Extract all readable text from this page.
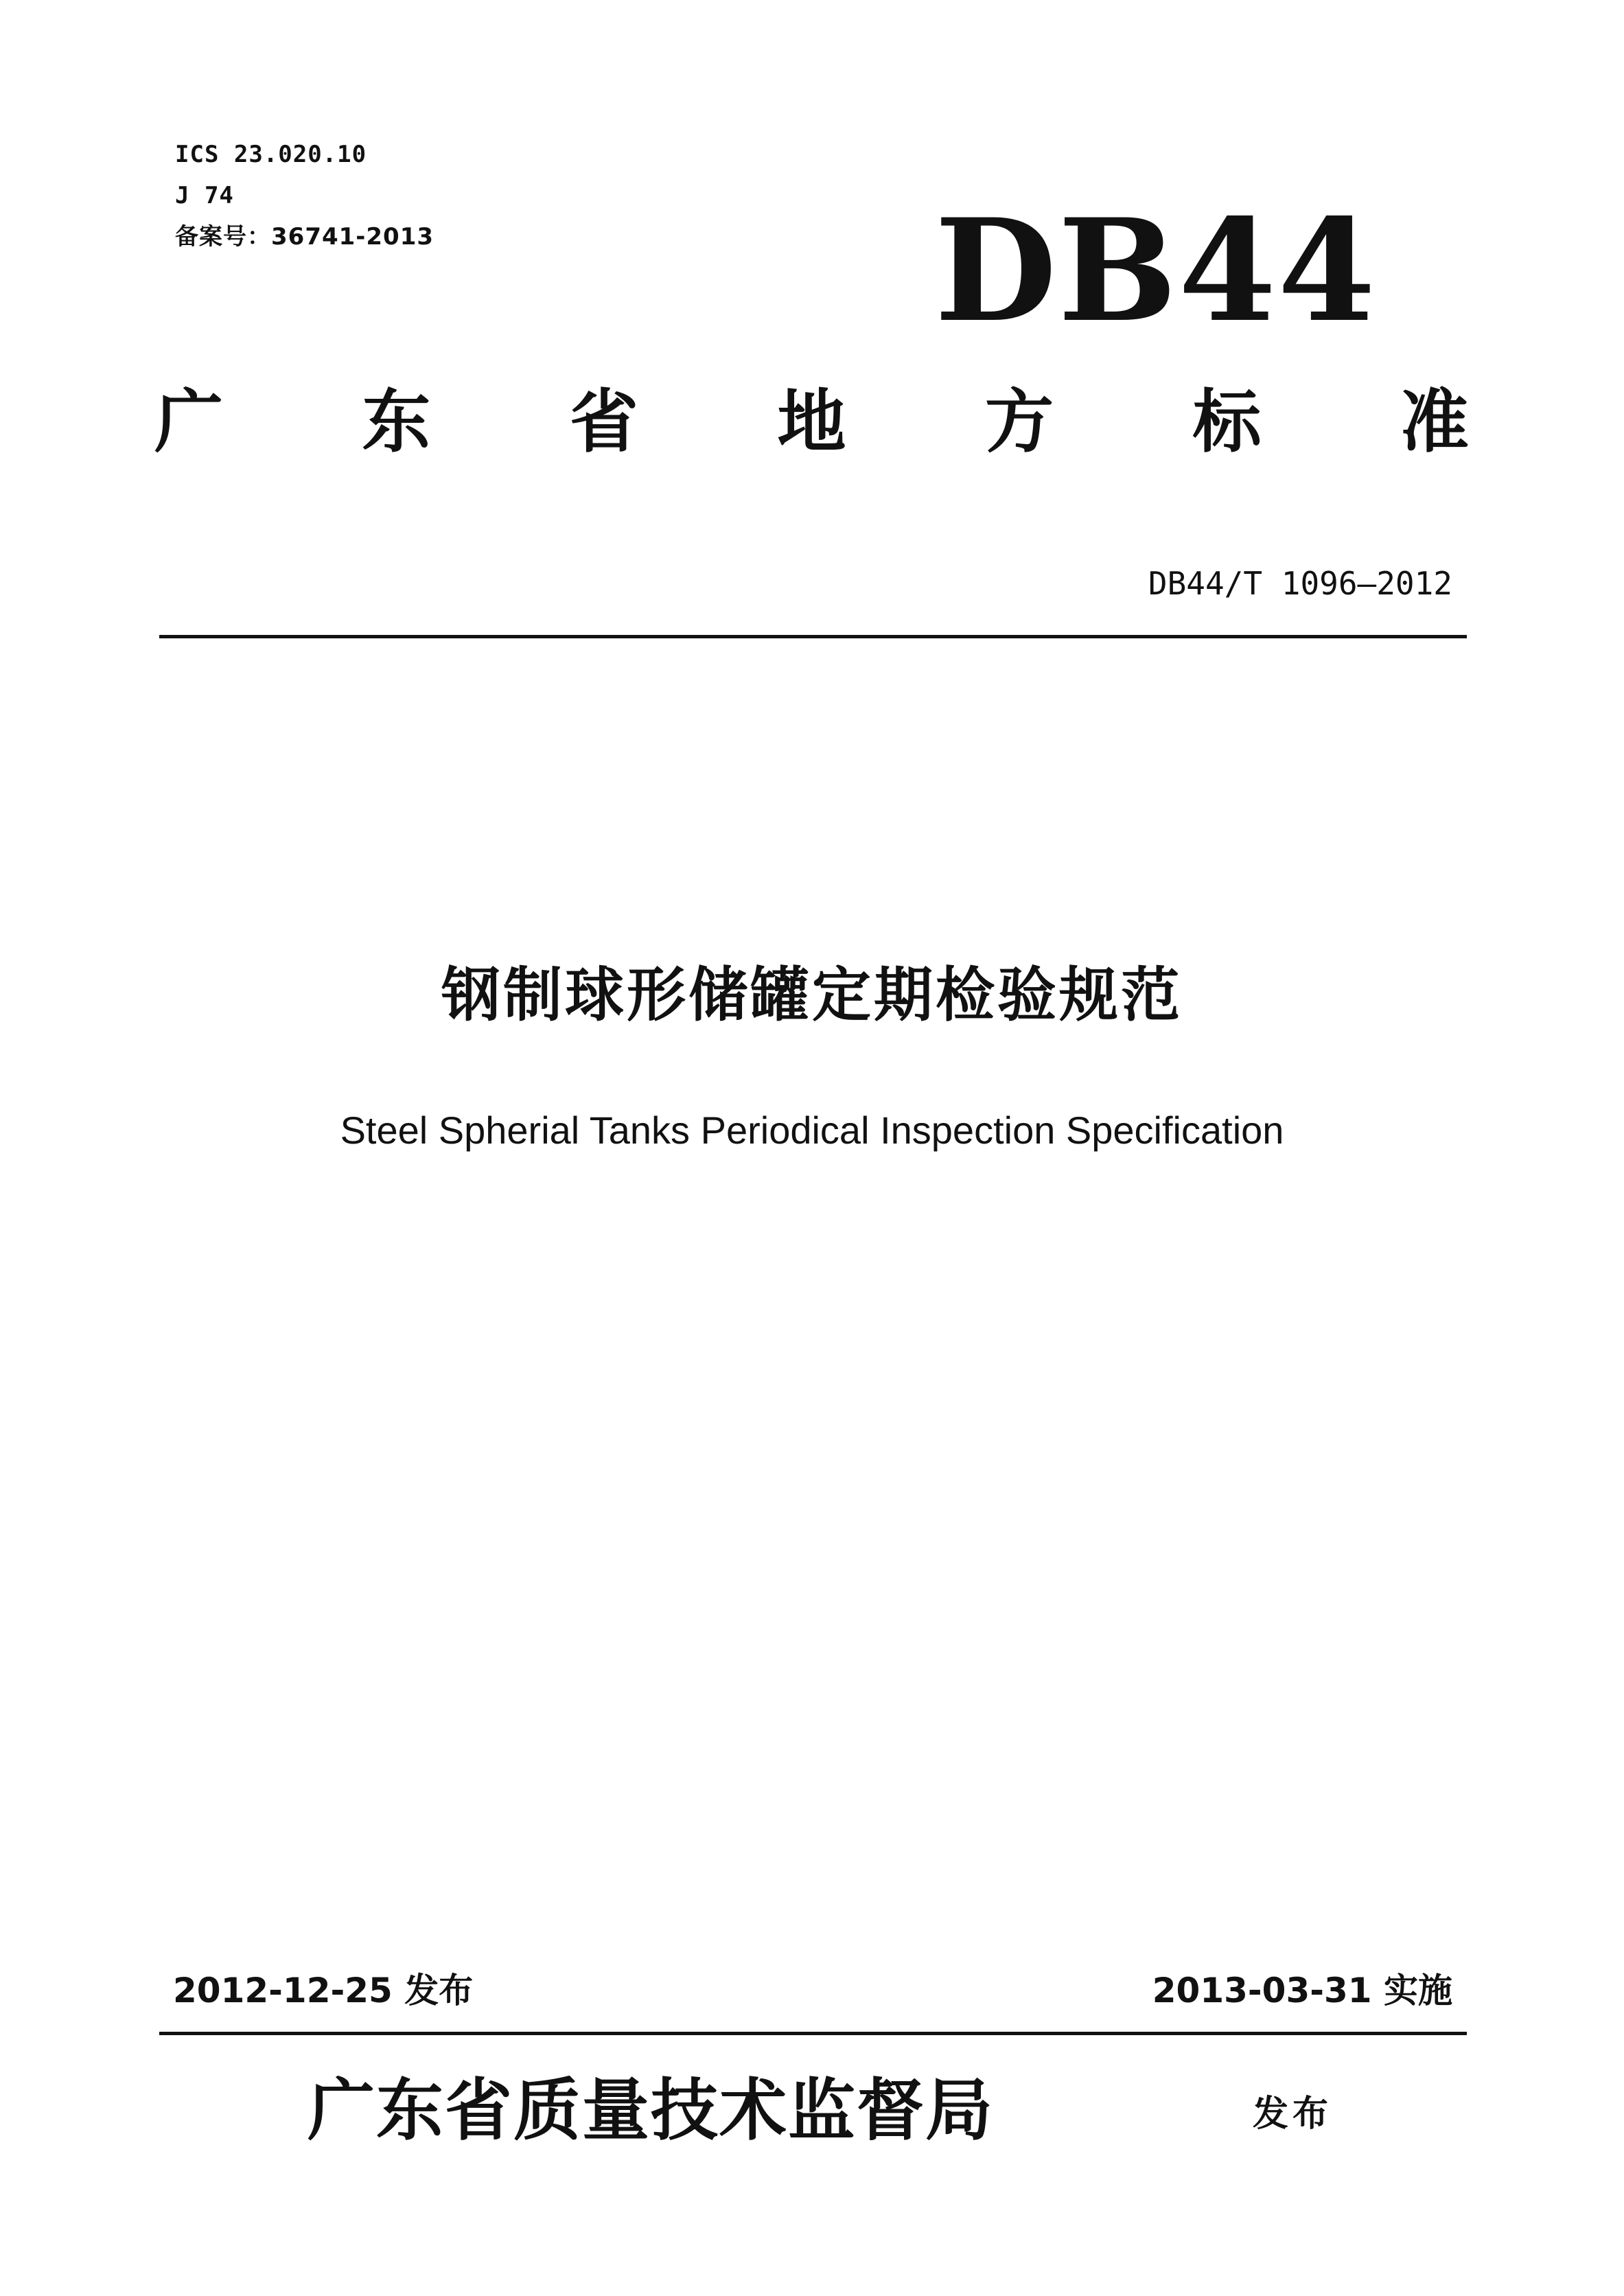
ICS 23.020.10
J 74
备案号：36741-2013	DB44
广 东 省 地 方 标 准
DB44/T 1096—2012
钢制球形储罐定期检验规范
Steel Spherial Tanks Periodical Inspection Specification
2012-12-25 发布	2013-03-31 实施
广东省质量技术监督局	发布
